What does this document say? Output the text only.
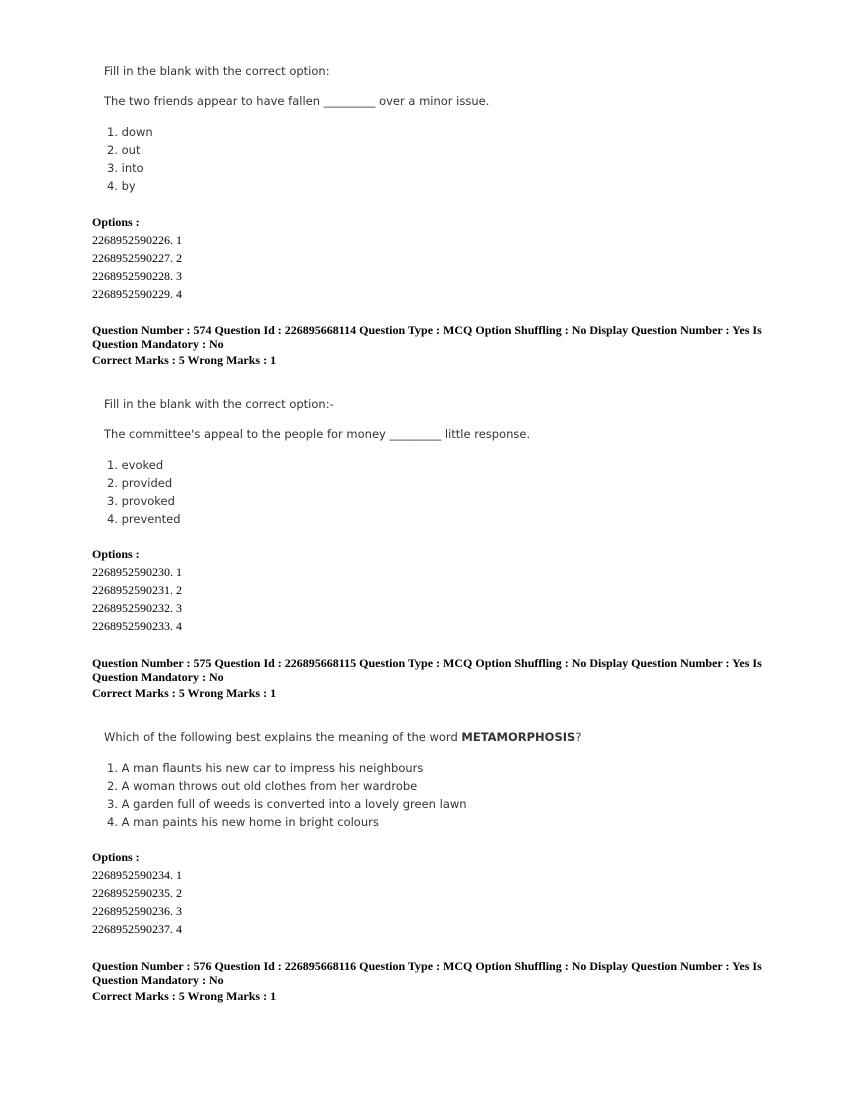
Fill in the blank with the correct option:

The two friends appear to have fallen _________ over a minor issue.

1. down
2. out
3. into
4. by
Options :
2268952590226. 1
2268952590227. 2
2268952590228. 3
2268952590229. 4
Question Number : 574 Question Id : 226895668114 Question Type : MCQ Option Shuffling : No Display Question Number : Yes Is Question Mandatory : No
Correct Marks : 5 Wrong Marks : 1

Fill in the blank with the correct option:-

The committee's appeal to the people for money _________ little response.

1. evoked
2. provided
3. provoked
4. prevented
Options :
2268952590230. 1
2268952590231. 2
2268952590232. 3
2268952590233. 4
Question Number : 575 Question Id : 226895668115 Question Type : MCQ Option Shuffling : No Display Question Number : Yes Is Question Mandatory : No
Correct Marks : 5 Wrong Marks : 1

Which of the following best explains the meaning of the word METAMORPHOSIS?

1. A man flaunts his new car to impress his neighbours
2. A woman throws out old clothes from her wardrobe
3. A garden full of weeds is converted into a lovely green lawn
4. A man paints his new home in bright colours
Options :
2268952590234. 1
2268952590235. 2
2268952590236. 3
2268952590237. 4
Question Number : 576 Question Id : 226895668116 Question Type : MCQ Option Shuffling : No Display Question Number : Yes Is Question Mandatory : No
Correct Marks : 5 Wrong Marks : 1
